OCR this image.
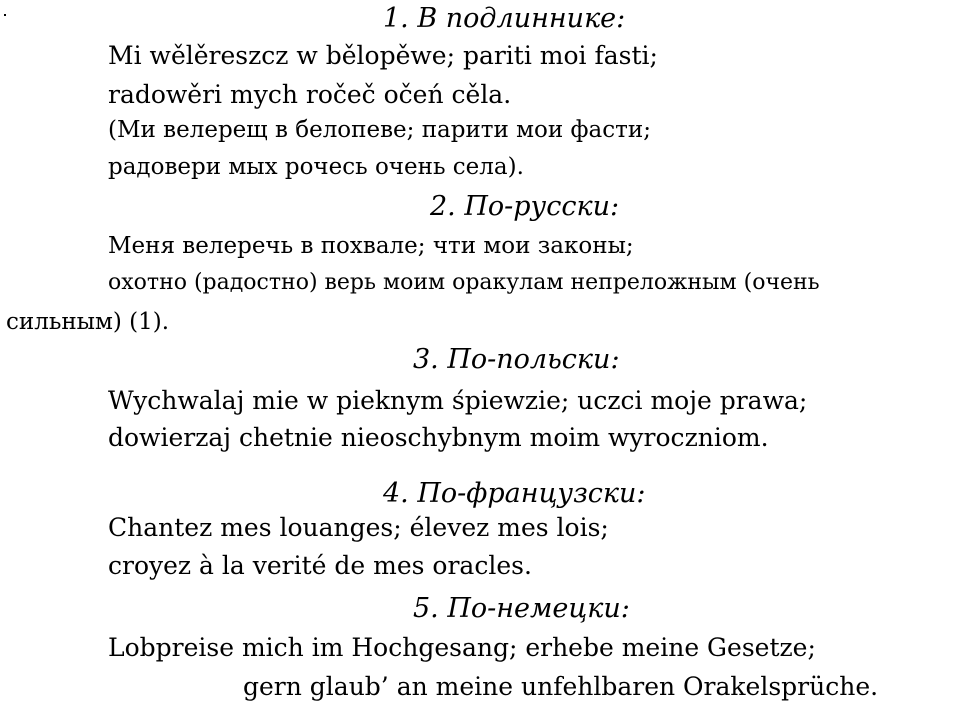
1. В подлиннике:
Mi wělěreszcz w bělopěwe; pariti moi fasti;
radowěri mych ročeč očeń cěla.
(Ми велерещ в белопеве; парити мои фасти;
радовери мых рочесь очень села).
2. По-русски:
Меня велеречь в похвале; чти мои законы;
охотно (радостно) верь моим оракулам непреложным (очень
сильным) (1).
3. По-польски:
Wychwalaj mie w pieknym śpiewzie; uczci moje prawa;
dowierzaj chetnie nieoschybnym moim wyroczniom.
4. По-французски:
Chantez mes louanges; élevez mes lois;
croyez à la verité de mes oracles.
5. По-немецки:
Lobpreise mich im Hochgesang; erhebe meine Gesetze;
gern glaub’ an meine unfehlbaren Orakelsprüche.
